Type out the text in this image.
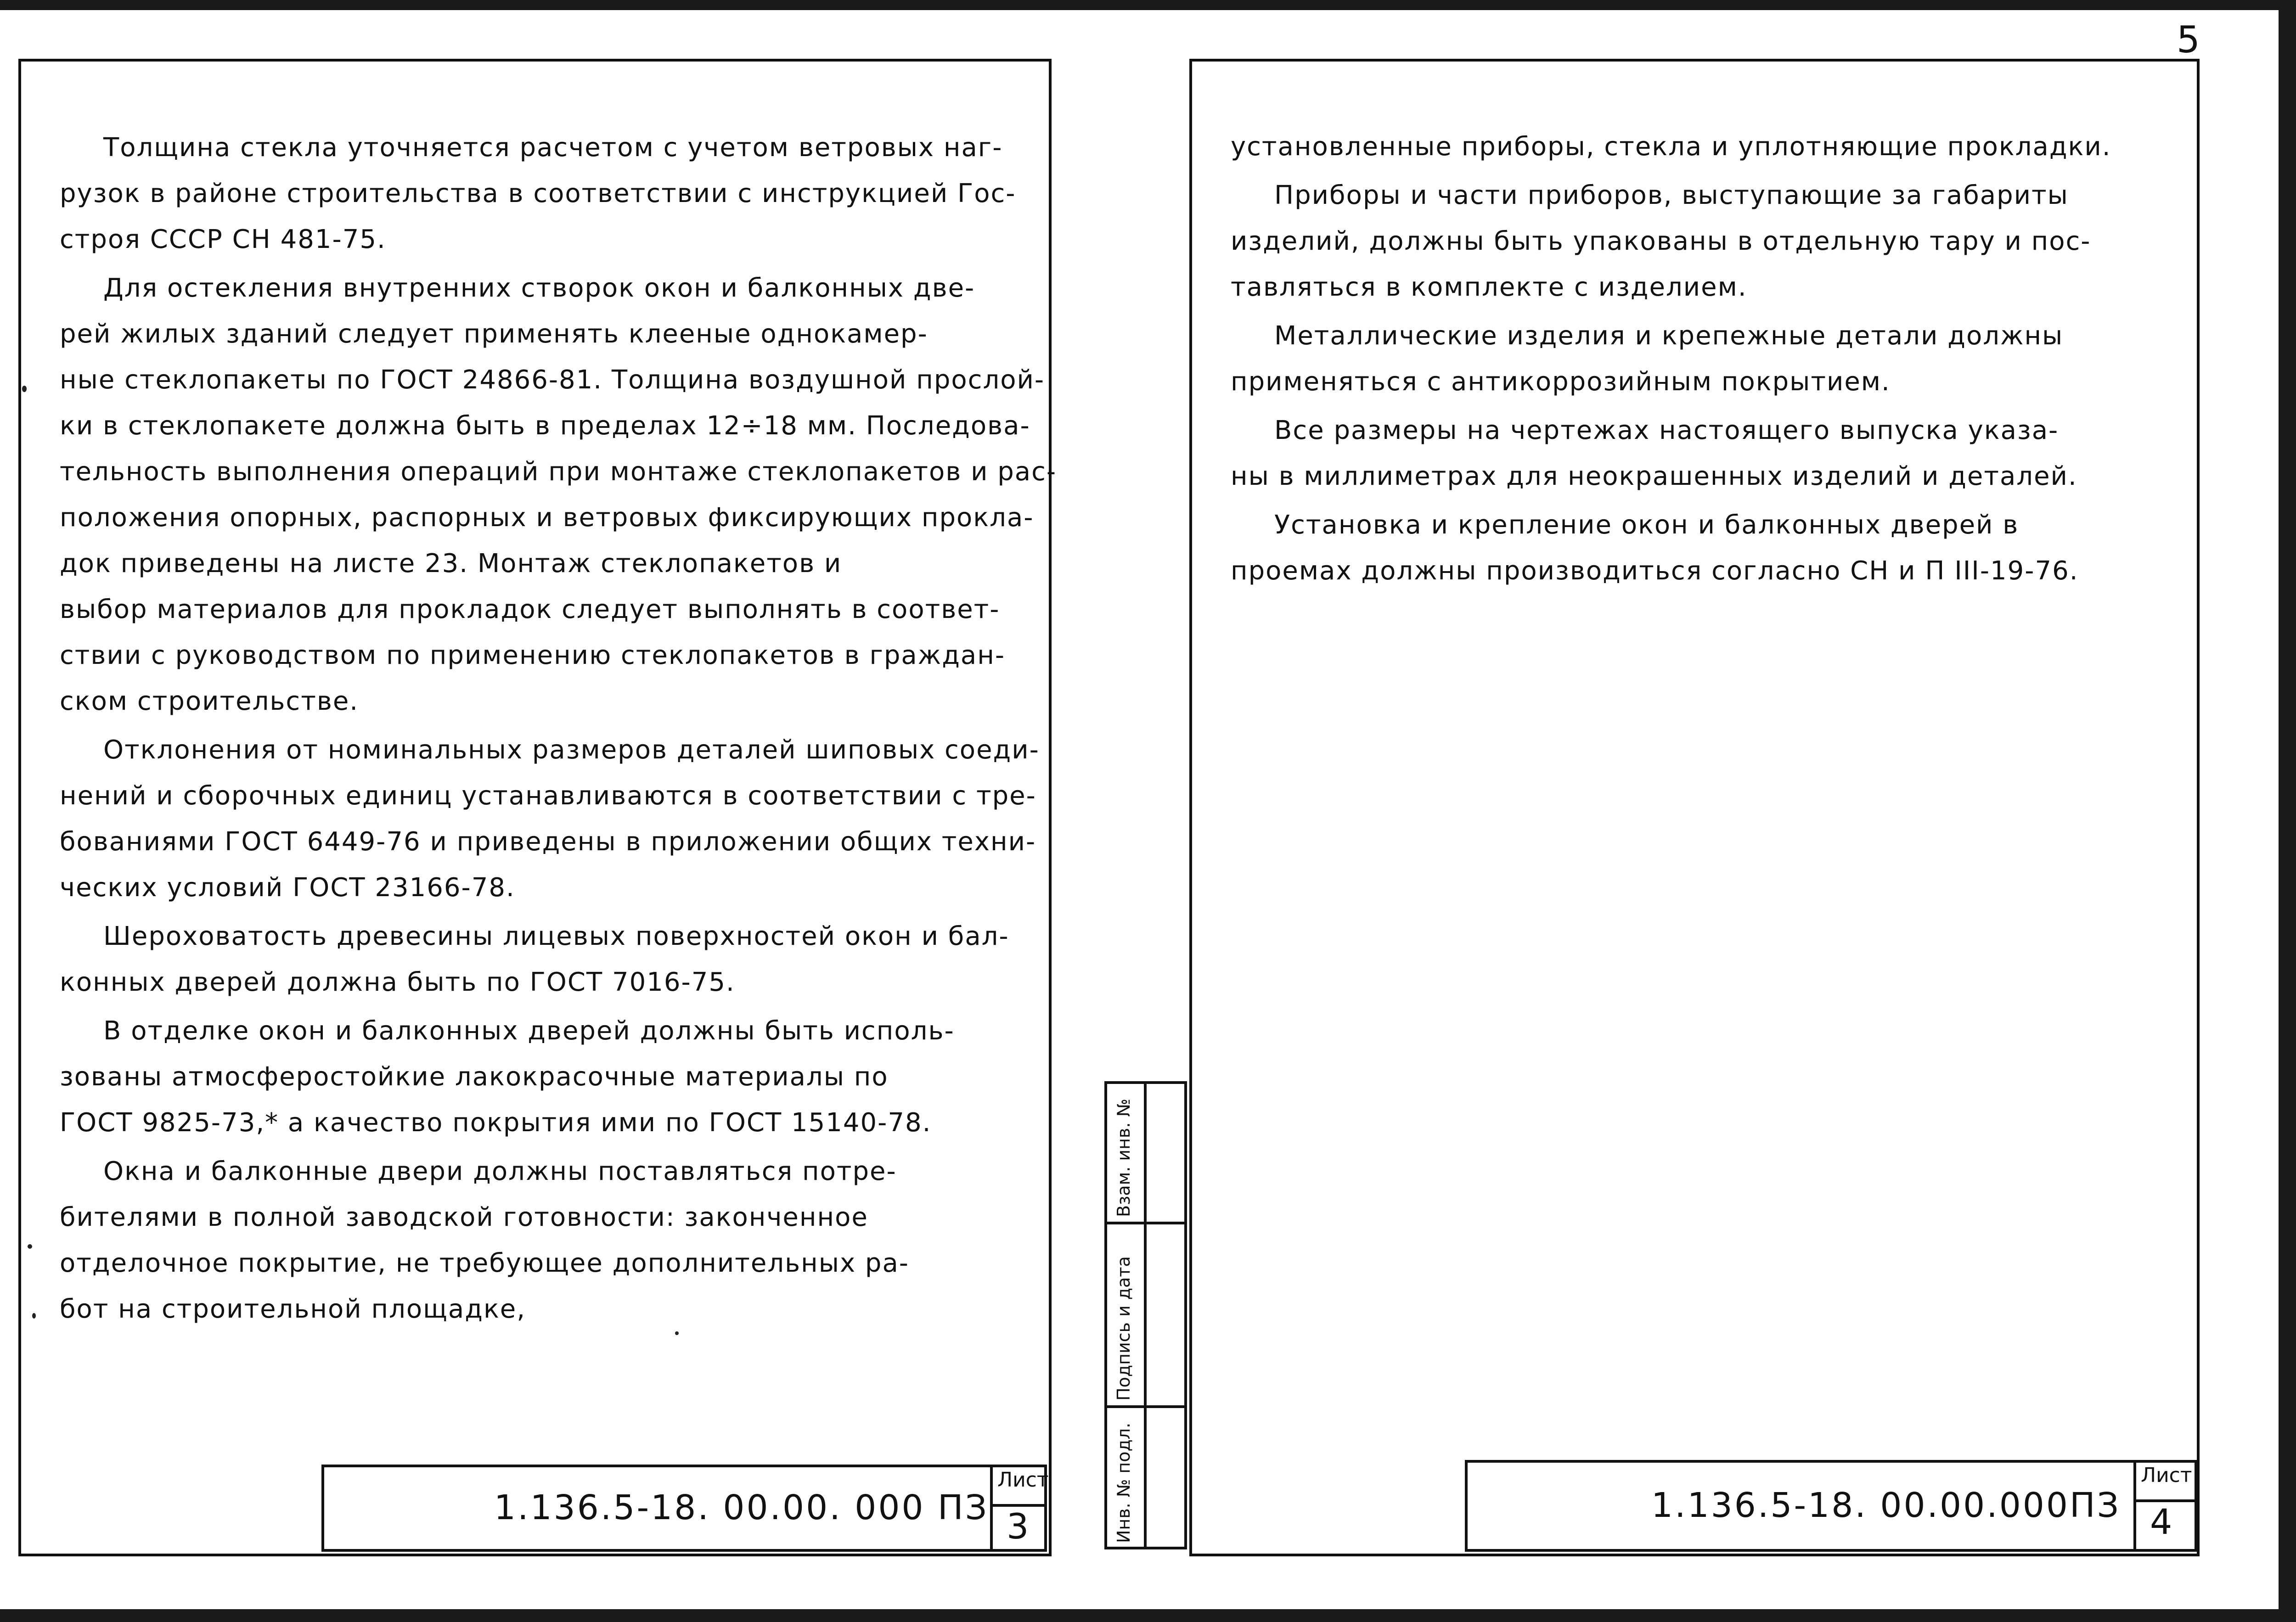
5

Толщина стекла уточняется расчетом с учетом ветровых наг-

рузок в районе строительства в соответствии с инструкцией Гос-

строя СССР СН 481-75.

Для остекления внутренних створок окон и балконных две-

рей жилых зданий следует применять клееные однокамер-

ные стеклопакеты по ГОСТ 24866-81. Толщина воздушной прослой-

ки в стеклопакете должна быть в пределах 12÷18 мм. Последова-

тельность выполнения операций при монтаже стеклопакетов и рас-

положения опорных, распорных и ветровых фиксирующих прокла-

док приведены на листе 23. Монтаж стеклопакетов и

выбор материалов для прокладок следует выполнять в соответ-

ствии с руководством по применению стеклопакетов в граждан-

ском строительстве.

Отклонения от номинальных размеров деталей шиповых соеди-

нений и сборочных единиц устанавливаются в соответствии с тре-

бованиями ГОСТ 6449-76 и приведены в приложении общих техни-

ческих условий ГОСТ 23166-78.

Шероховатость древесины лицевых поверхностей окон и бал-

конных дверей должна быть по ГОСТ 7016-75.

В отделке окон и балконных дверей должны быть исполь-

зованы атмосферостойкие лакокрасочные материалы по

ГОСТ 9825-73,* а качество покрытия ими по ГОСТ 15140-78.

Окна и балконные двери должны поставляться потре-

бителями в полной заводской готовности: законченное

отделочное покрытие, не требующее дополнительных ра-

бот на строительной площадке,

установленные приборы, стекла и уплотняющие прокладки.

Приборы и части приборов, выступающие за габариты

изделий, должны быть упакованы в отдельную тару и пос-

тавляться в комплекте с изделием.

Металлические изделия и крепежные детали должны

применяться с антикоррозийным покрытием.

Все размеры на чертежах настоящего выпуска указа-

ны в миллиметрах для неокрашенных изделий и деталей.

Установка и крепление окон и балконных дверей в

проемах должны производиться согласно СН и П III-19-76.

1.136.5-18. 00.00. 000 ПЗ
Лист
3
1.136.5-18. 00.00.000ПЗ
Лист
4
Инв. № подл.
Подпись и дата
Взам. инв. №
